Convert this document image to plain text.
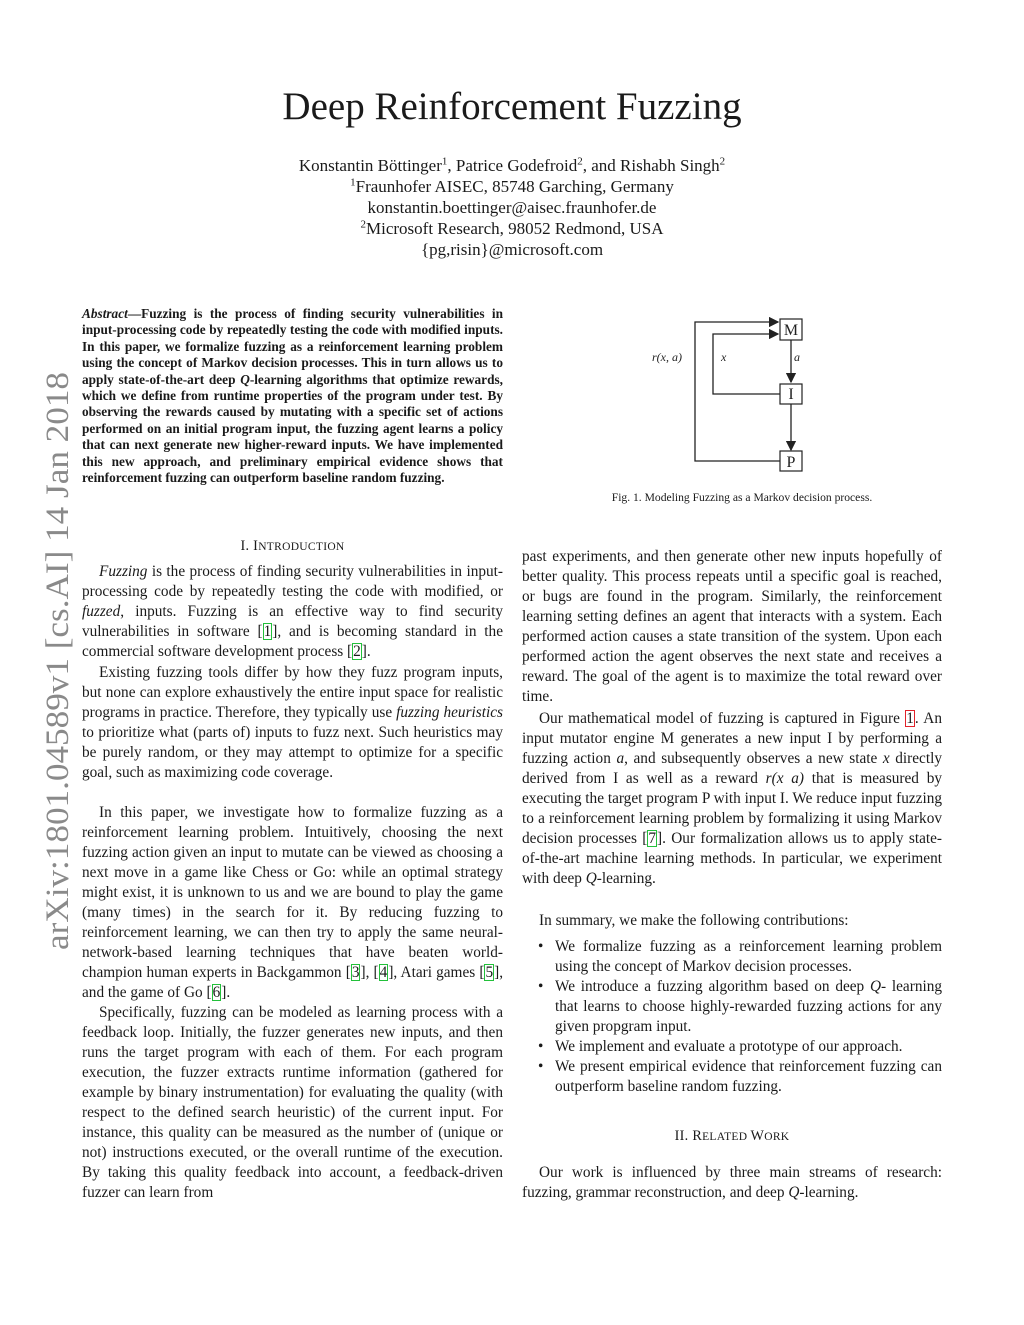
arXiv:1801.04589v1 [cs.AI] 14 Jan 2018
Deep Reinforcement Fuzzing
Konstantin Böttinger$^1$, Patrice Godefroid$^2$, and Rishabh Singh$^2$
$^1$Fraunhofer AISEC, 85748 Garching, Germany
konstantin.boettinger@aisec.fraunhofer.de
$^2$Microsoft Research, 98052 Redmond, USA
{pg,risin}@microsoft.com
Abstract—Fuzzing is the process of finding security vulnerabilities in input-processing code by repeatedly testing the code with modified inputs. In this paper, we formalize fuzzing as a reinforcement learning problem using the concept of Markov decision processes. This in turn allows us to apply state-of-the-art deep Q-learning algorithms that optimize rewards, which we define from runtime properties of the program under test. By observing the rewards caused by mutating with a specific set of actions performed on an initial program input, the fuzzing agent learns a policy that can next generate new higher-reward inputs. We have implemented this new approach, and preliminary empirical evidence shows that reinforcement fuzzing can outperform baseline random fuzzing.
I. INTRODUCTION
Fuzzing is the process of finding security vulnerabilities in input-processing code by repeatedly testing the code with modified, or fuzzed, inputs. Fuzzing is an effective way to find security vulnerabilities in software [1], and is becoming standard in the commercial software development process [2].
Existing fuzzing tools differ by how they fuzz program inputs, but none can explore exhaustively the entire input space for realistic programs in practice. Therefore, they typically use fuzzing heuristics to prioritize what (parts of) inputs to fuzz next. Such heuristics may be purely random, or they may attempt to optimize for a specific goal, such as maximizing code coverage.
In this paper, we investigate how to formalize fuzzing as a reinforcement learning problem. Intuitively, choosing the next fuzzing action given an input to mutate can be viewed as choosing a next move in a game like Chess or Go: while an optimal strategy might exist, it is unknown to us and we are bound to play the game (many times) in the search for it. By reducing fuzzing to reinforcement learning, we can then try to apply the same neural-network-based learning techniques that have beaten world-champion human experts in Backgammon [3], [4], Atari games [5], and the game of Go [6].
Specifically, fuzzing can be modeled as learning process with a feedback loop. Initially, the fuzzer generates new inputs, and then runs the target program with each of them. For each program execution, the fuzzer extracts runtime information (gathered for example by binary instrumentation) for evaluating the quality (with respect to the defined search heuristic) of the current input. For instance, this quality can be measured as the number of (unique or not) instructions executed, or the overall runtime of the execution. By taking this quality feedback into account, a feedback-driven fuzzer can learn from
M
I
P
r(x, a)	x	a
Fig. 1. Modeling Fuzzing as a Markov decision process.
past experiments, and then generate other new inputs hopefully of better quality. This process repeats until a specific goal is reached, or bugs are found in the program. Similarly, the reinforcement learning setting defines an agent that interacts with a system. Each performed action causes a state transition of the system. Upon each performed action the agent observes the next state and receives a reward. The goal of the agent is to maximize the total reward over time.
Our mathematical model of fuzzing is captured in Figure 1. An input mutator engine M generates a new input I by performing a fuzzing action a, and subsequently observes a new state x directly derived from I as well as a reward r(x a) that is measured by executing the target program P with input I. We reduce input fuzzing to a reinforcement learning problem by formalizing it using Markov decision processes [7]. Our formalization allows us to apply state-of-the-art machine learning methods. In particular, we experiment with deep Q-learning.
In summary, we make the following contributions:
• We formalize fuzzing as a reinforcement learning problem using the concept of Markov decision processes.
• We introduce a fuzzing algorithm based on deep Q- learning that learns to choose highly-rewarded fuzzing actions for any given propgram input.
• We implement and evaluate a prototype of our approach.
• We present empirical evidence that reinforcement fuzzing can outperform baseline random fuzzing.
II. RELATED WORK
Our work is influenced by three main streams of research: fuzzing, grammar reconstruction, and deep Q-learning.
